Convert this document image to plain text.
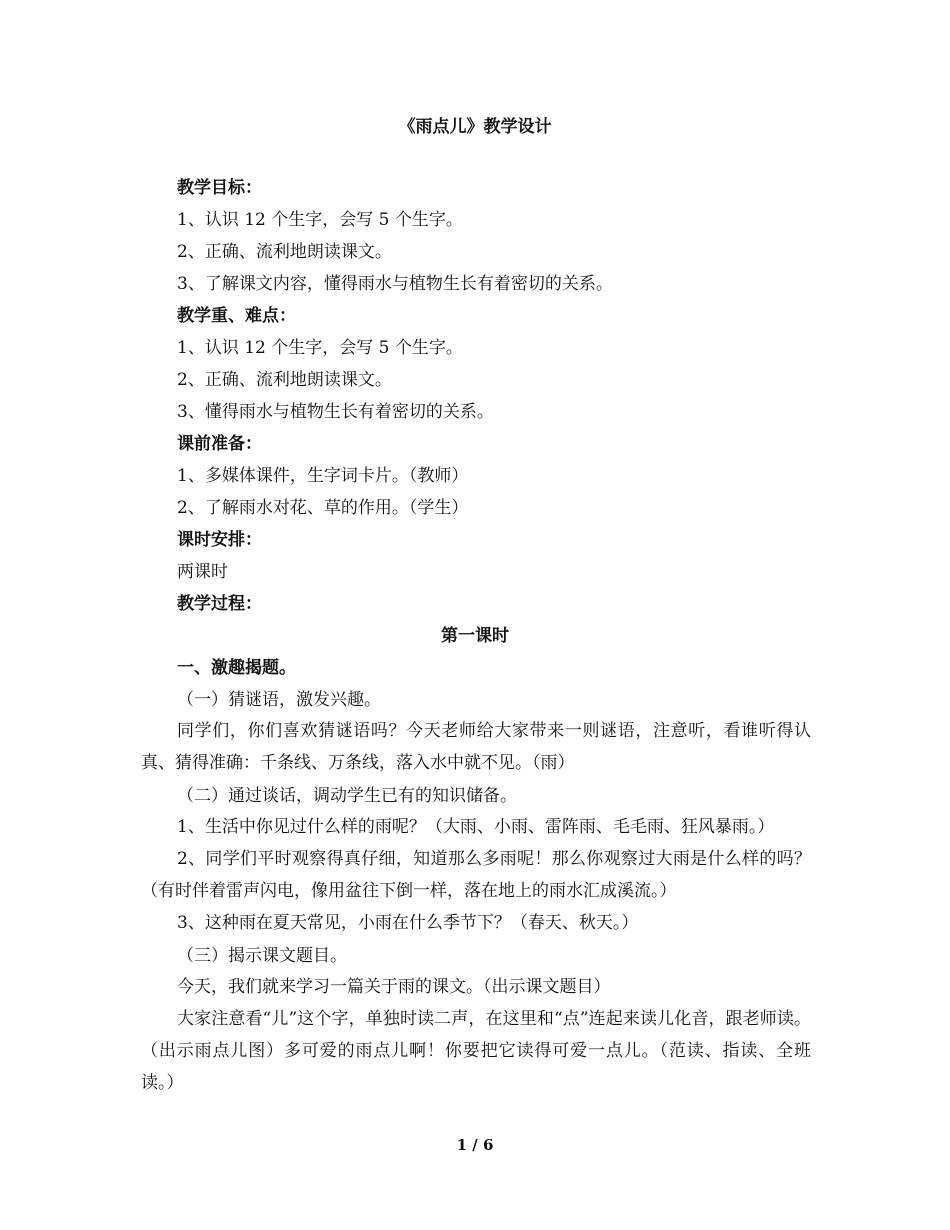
《雨点儿》教学设计
教学目标：
1、认识 12 个生字，会写 5 个生字。
2、正确、流利地朗读课文。
3、了解课文内容，懂得雨水与植物生长有着密切的关系。
教学重、难点：
1、认识 12 个生字，会写 5 个生字。
2、正确、流利地朗读课文。
3、懂得雨水与植物生长有着密切的关系。
课前准备：
1、多媒体课件，生字词卡片。（教师）
2、了解雨水对花、草的作用。（学生）
课时安排：
两课时
教学过程：
第一课时
一、激趣揭题。
（一）猜谜语，激发兴趣。
同学们，你们喜欢猜谜语吗？今天老师给大家带来一则谜语，注意听，看谁听得认真、猜得准确：千条线、万条线，落入水中就不见。（雨）
（二）通过谈话，调动学生已有的知识储备。
1、生活中你见过什么样的雨呢？（大雨、小雨、雷阵雨、毛毛雨、狂风暴雨。）
2、同学们平时观察得真仔细，知道那么多雨呢！那么你观察过大雨是什么样的吗？（有时伴着雷声闪电，像用盆往下倒一样，落在地上的雨水汇成溪流。）
3、这种雨在夏天常见，小雨在什么季节下？（春天、秋天。）
（三）揭示课文题目。
今天，我们就来学习一篇关于雨的课文。（出示课文题目）
大家注意看“儿”这个字，单独时读二声，在这里和“点”连起来读儿化音，跟老师读。（出示雨点儿图）多可爱的雨点儿啊！你要把它读得可爱一点儿。（范读、指读、全班读。）
1 / 6
